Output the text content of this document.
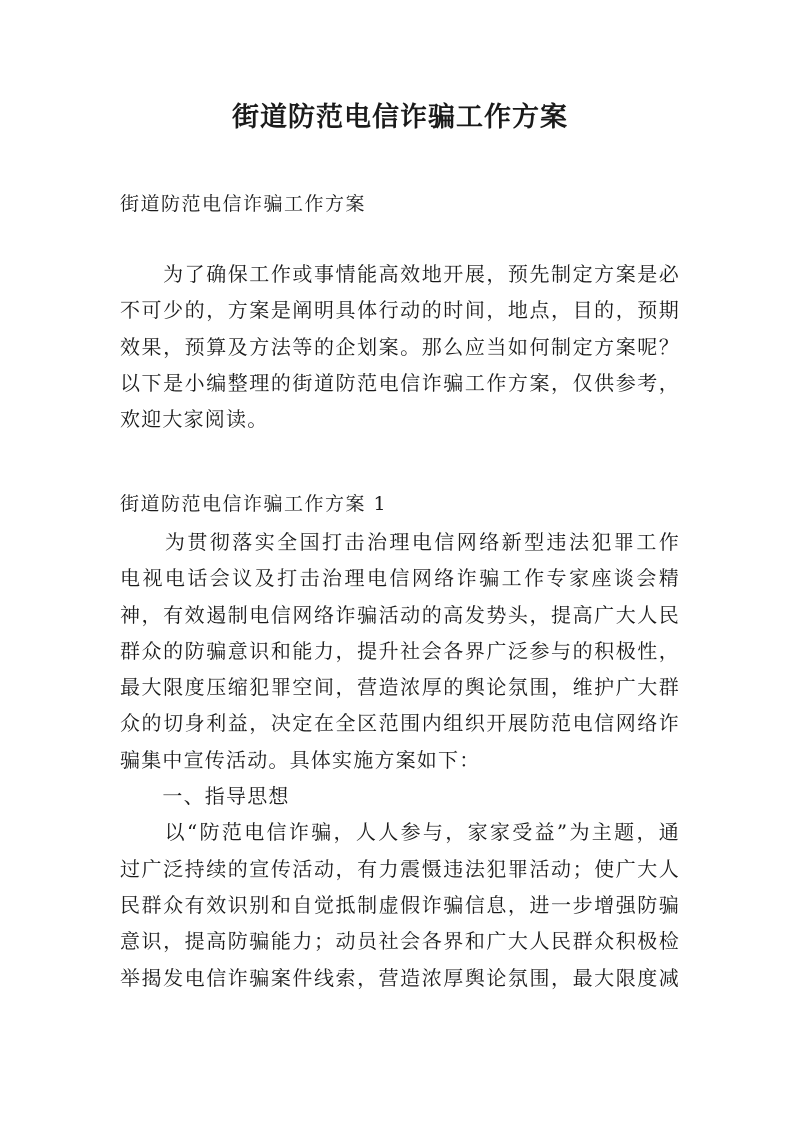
街道防范电信诈骗工作方案

街道防范电信诈骗工作方案

　　为了确保工作或事情能高效地开展，预先制定方案是必
不可少的，方案是阐明具体行动的时间，地点，目的，预期
效果，预算及方法等的企划案。那么应当如何制定方案呢？
以下是小编整理的街道防范电信诈骗工作方案，仅供参考，
欢迎大家阅读。

街道防范电信诈骗工作方案 1

　　为贯彻落实全国打击治理电信网络新型违法犯罪工作
电视电话会议及打击治理电信网络诈骗工作专家座谈会精
神，有效遏制电信网络诈骗活动的高发势头，提高广大人民
群众的防骗意识和能力，提升社会各界广泛参与的积极性，
最大限度压缩犯罪空间，营造浓厚的舆论氛围，维护广大群
众的切身利益，决定在全区范围内组织开展防范电信网络诈
骗集中宣传活动。具体实施方案如下：
　　一、指导思想
　　以“防范电信诈骗，人人参与，家家受益”为主题，通
过广泛持续的宣传活动，有力震慑违法犯罪活动；使广大人
民群众有效识别和自觉抵制虚假诈骗信息，进一步增强防骗
意识，提高防骗能力；动员社会各界和广大人民群众积极检
举揭发电信诈骗案件线索，营造浓厚舆论氛围，最大限度减
